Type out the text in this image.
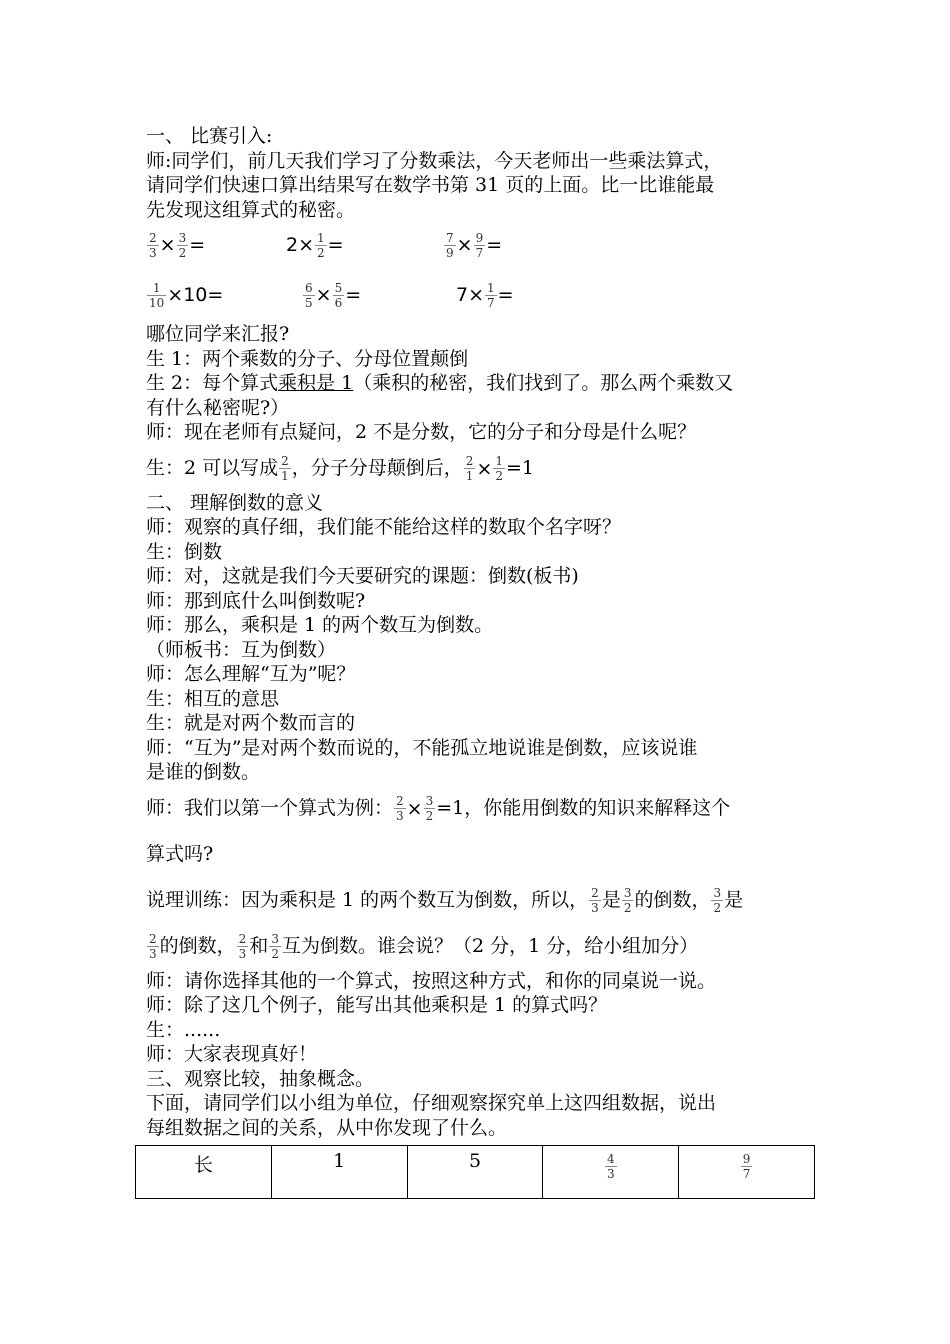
一、 比赛引入:
师:同学们，前几天我们学习了分数乘法，今天老师出一些乘法算式，
请同学们快速口算出结果写在数学书第 31 页的上面。比一比谁能最
先发现这组算式的秘密。
$\frac{2}{3} \times \frac{3}{2}$ =	$2 \times \frac{1}{2}$ =	$\frac{7}{9} \times \frac{9}{7}$ =
$\frac{1}{10} \times 10=$	$\frac{6}{5} \times \frac{5}{6}$ =	$7 \times \frac{1}{7}$ =
哪位同学来汇报?
生 1：两个乘数的分子、分母位置颠倒
生 2：每个算式乘积是 1（乘积的秘密，我们找到了。那么两个乘数又
有什么秘密呢?）
师：现在老师有点疑问，2 不是分数，它的分子和分母是什么呢？
生：2 可以写成 $\frac{2}{1}$ ，分子分母颠倒后， $\frac{2}{1} \times \frac{1}{2} =1$
二、 理解倒数的意义
师：观察的真仔细，我们能不能给这样的数取个名字呀？
生：倒数
师：对，这就是我们今天要研究的课题：倒数(板书)
师：那到底什么叫倒数呢?
师：那么，乘积是 1 的两个数互为倒数。
（师板书：互为倒数）
师：怎么理解“互为”呢？
生：相互的意思
生：就是对两个数而言的
师：“互为”是对两个数而说的，不能孤立地说谁是倒数，应该说谁
是谁的倒数。
师：我们以第一个算式为例： $\frac{2}{3} \times \frac{3}{2} =1$，你能用倒数的知识来解释这个
算式吗?
说理训练：因为乘积是 1 的两个数互为倒数，所以， $\frac{2}{3}$ 是 $\frac{3}{2}$ 的倒数， $\frac{3}{2}$ 是
$\frac{2}{3}$ 的倒数， $\frac{2}{3}$ 和 $\frac{3}{2}$ 互为倒数。谁会说？（2 分，1 分，给小组加分）
师：请你选择其他的一个算式，按照这种方式，和你的同桌说一说。
师：除了这几个例子，能写出其他乘积是 1 的算式吗？
生：......
师：大家表现真好！
三、观察比较，抽象概念。
下面，请同学们以小组为单位，仔细观察探究单上这四组数据，说出
每组数据之间的关系，从中你发现了什么。
长	1	5	$\frac{4}{3}$	$\frac{9}{7}$
